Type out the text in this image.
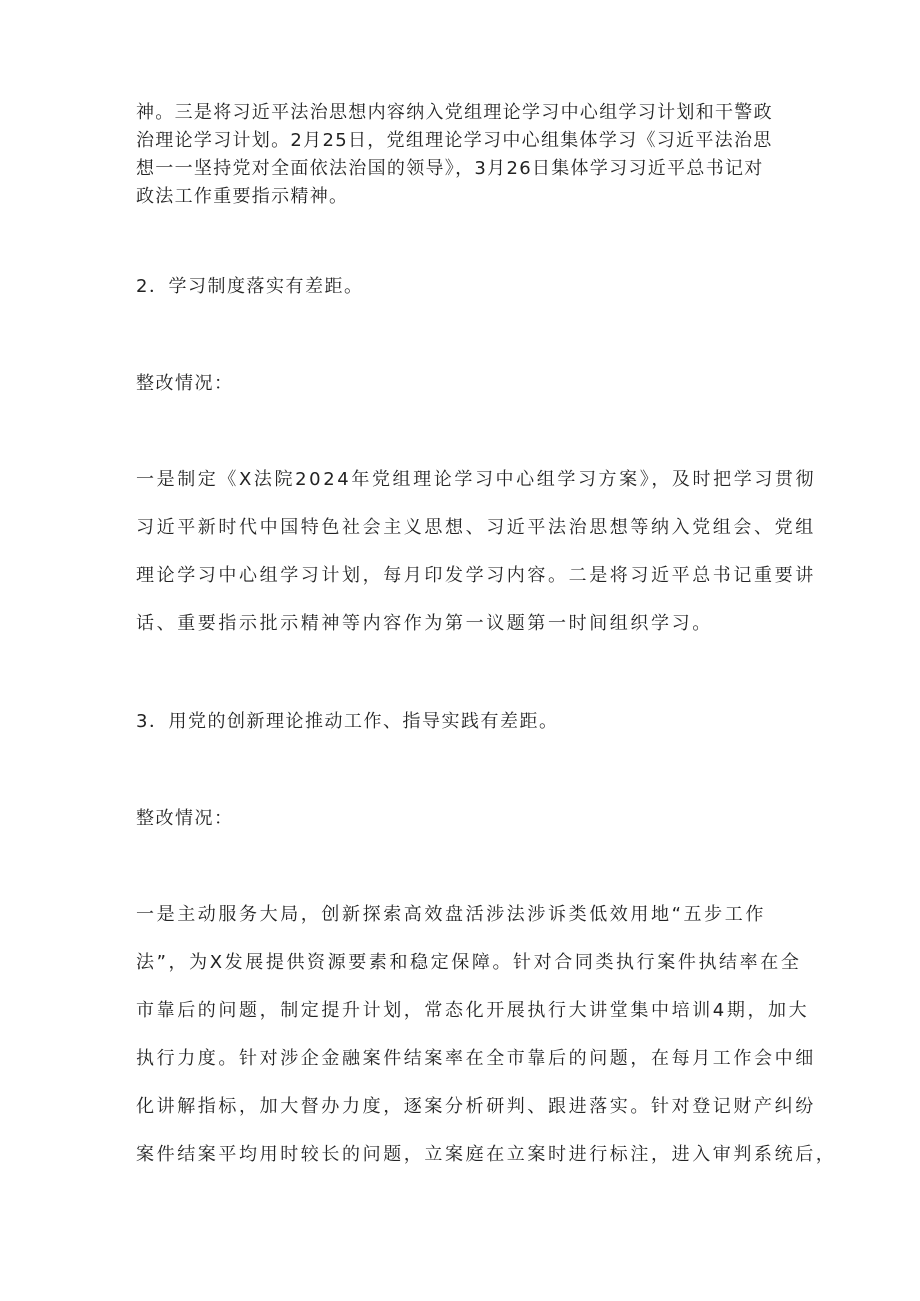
神。三是将习近平法治思想内容纳入党组理论学习中心组学习计划和干警政
治理论学习计划。2月25日，党组理论学习中心组集体学习《习近平法治思
想一一坚持党对全面依法治国的领导》，3月26日集体学习习近平总书记对
政法工作重要指示精神。
2．学习制度落实有差距。
整改情况：
一是制定《X法院2024年党组理论学习中心组学习方案》，及时把学习贯彻
习近平新时代中国特色社会主义思想、习近平法治思想等纳入党组会、党组
理论学习中心组学习计划，每月印发学习内容。二是将习近平总书记重要讲
话、重要指示批示精神等内容作为第一议题第一时间组织学习。
3．用党的创新理论推动工作、指导实践有差距。
整改情况：
一是主动服务大局，创新探索高效盘活涉法涉诉类低效用地“五步工作
法”，为X发展提供资源要素和稳定保障。针对合同类执行案件执结率在全
市靠后的问题，制定提升计划，常态化开展执行大讲堂集中培训4期，加大
执行力度。针对涉企金融案件结案率在全市靠后的问题，在每月工作会中细
化讲解指标，加大督办力度，逐案分析研判、跟进落实。针对登记财产纠纷
案件结案平均用时较长的问题，立案庭在立案时进行标注，进入审判系统后，
